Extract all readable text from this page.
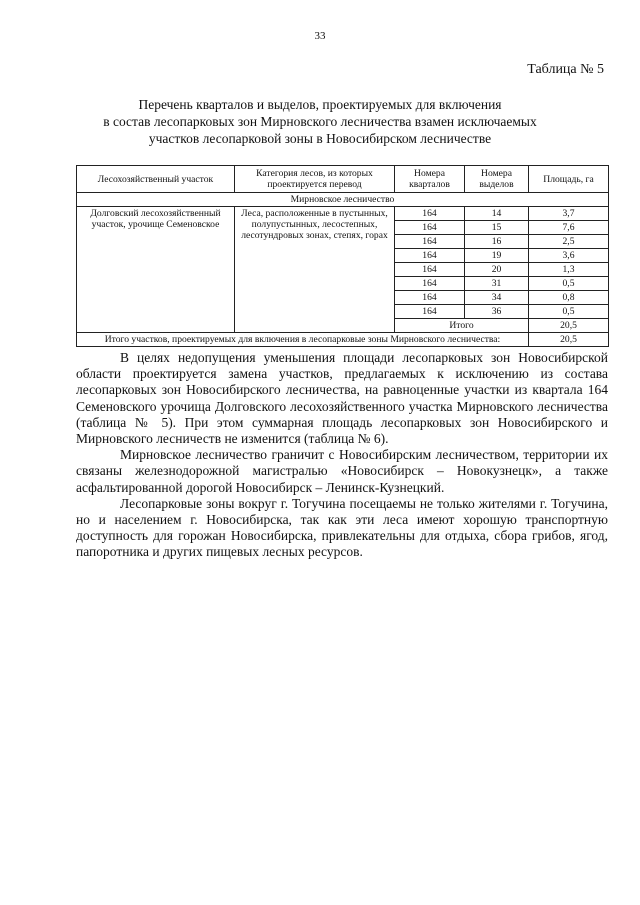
33
Таблица № 5
Перечень кварталов и выделов, проектируемых для включения
в состав лесопарковых зон Мирновского лесничества взамен исключаемых
участков лесопарковой зоны в Новосибирском лесничестве
Лесохозяйственный участок	Категория лесов, из которых проектируется перевод	Номера кварталов	Номера выделов	Площадь, га
Мирновское лесничество				
Долговский лесохозяйственный участок, урочище Семеновское	Леса, расположенные в пустынных, полупустынных, лесостепных, лесотундровых зонах, степях, горах	164	14	3,7
		164	15	7,6
		164	16	2,5
		164	19	3,6
		164	20	1,3
		164	31	0,5
		164	34	0,8
		164	36	0,5
		Итого		20,5
Итого участков, проектируемых для включения в лесопарковые зоны Мирновского лесничества:				20,5

В целях недопущения уменьшения площади лесопарковых зон Новосибирской области проектируется замена участков, предлагаемых к исключению из состава лесопарковых зон Новосибирского лесничества, на равноценные участки из квартала 164 Семеновского урочища Долговского лесохозяйственного участка Мирновского лесничества (таблица № 5). При этом суммарная площадь лесопарковых зон Новосибирского и Мирновского лесничеств не изменится (таблица № 6).

Мирновское лесничество граничит с Новосибирским лесничеством, территории их связаны железнодорожной магистралью «Новосибирск – Новокузнецк», а также асфальтированной дорогой Новосибирск – Ленинск-Кузнецкий.

Лесопарковые зоны вокруг г. Тогучина посещаемы не только жителями г. Тогучина, но и населением г. Новосибирска, так как эти леса имеют хорошую транспортную доступность для горожан Новосибирска, привлекательны для отдыха, сбора грибов, ягод, папоротника и других пищевых лесных ресурсов.
